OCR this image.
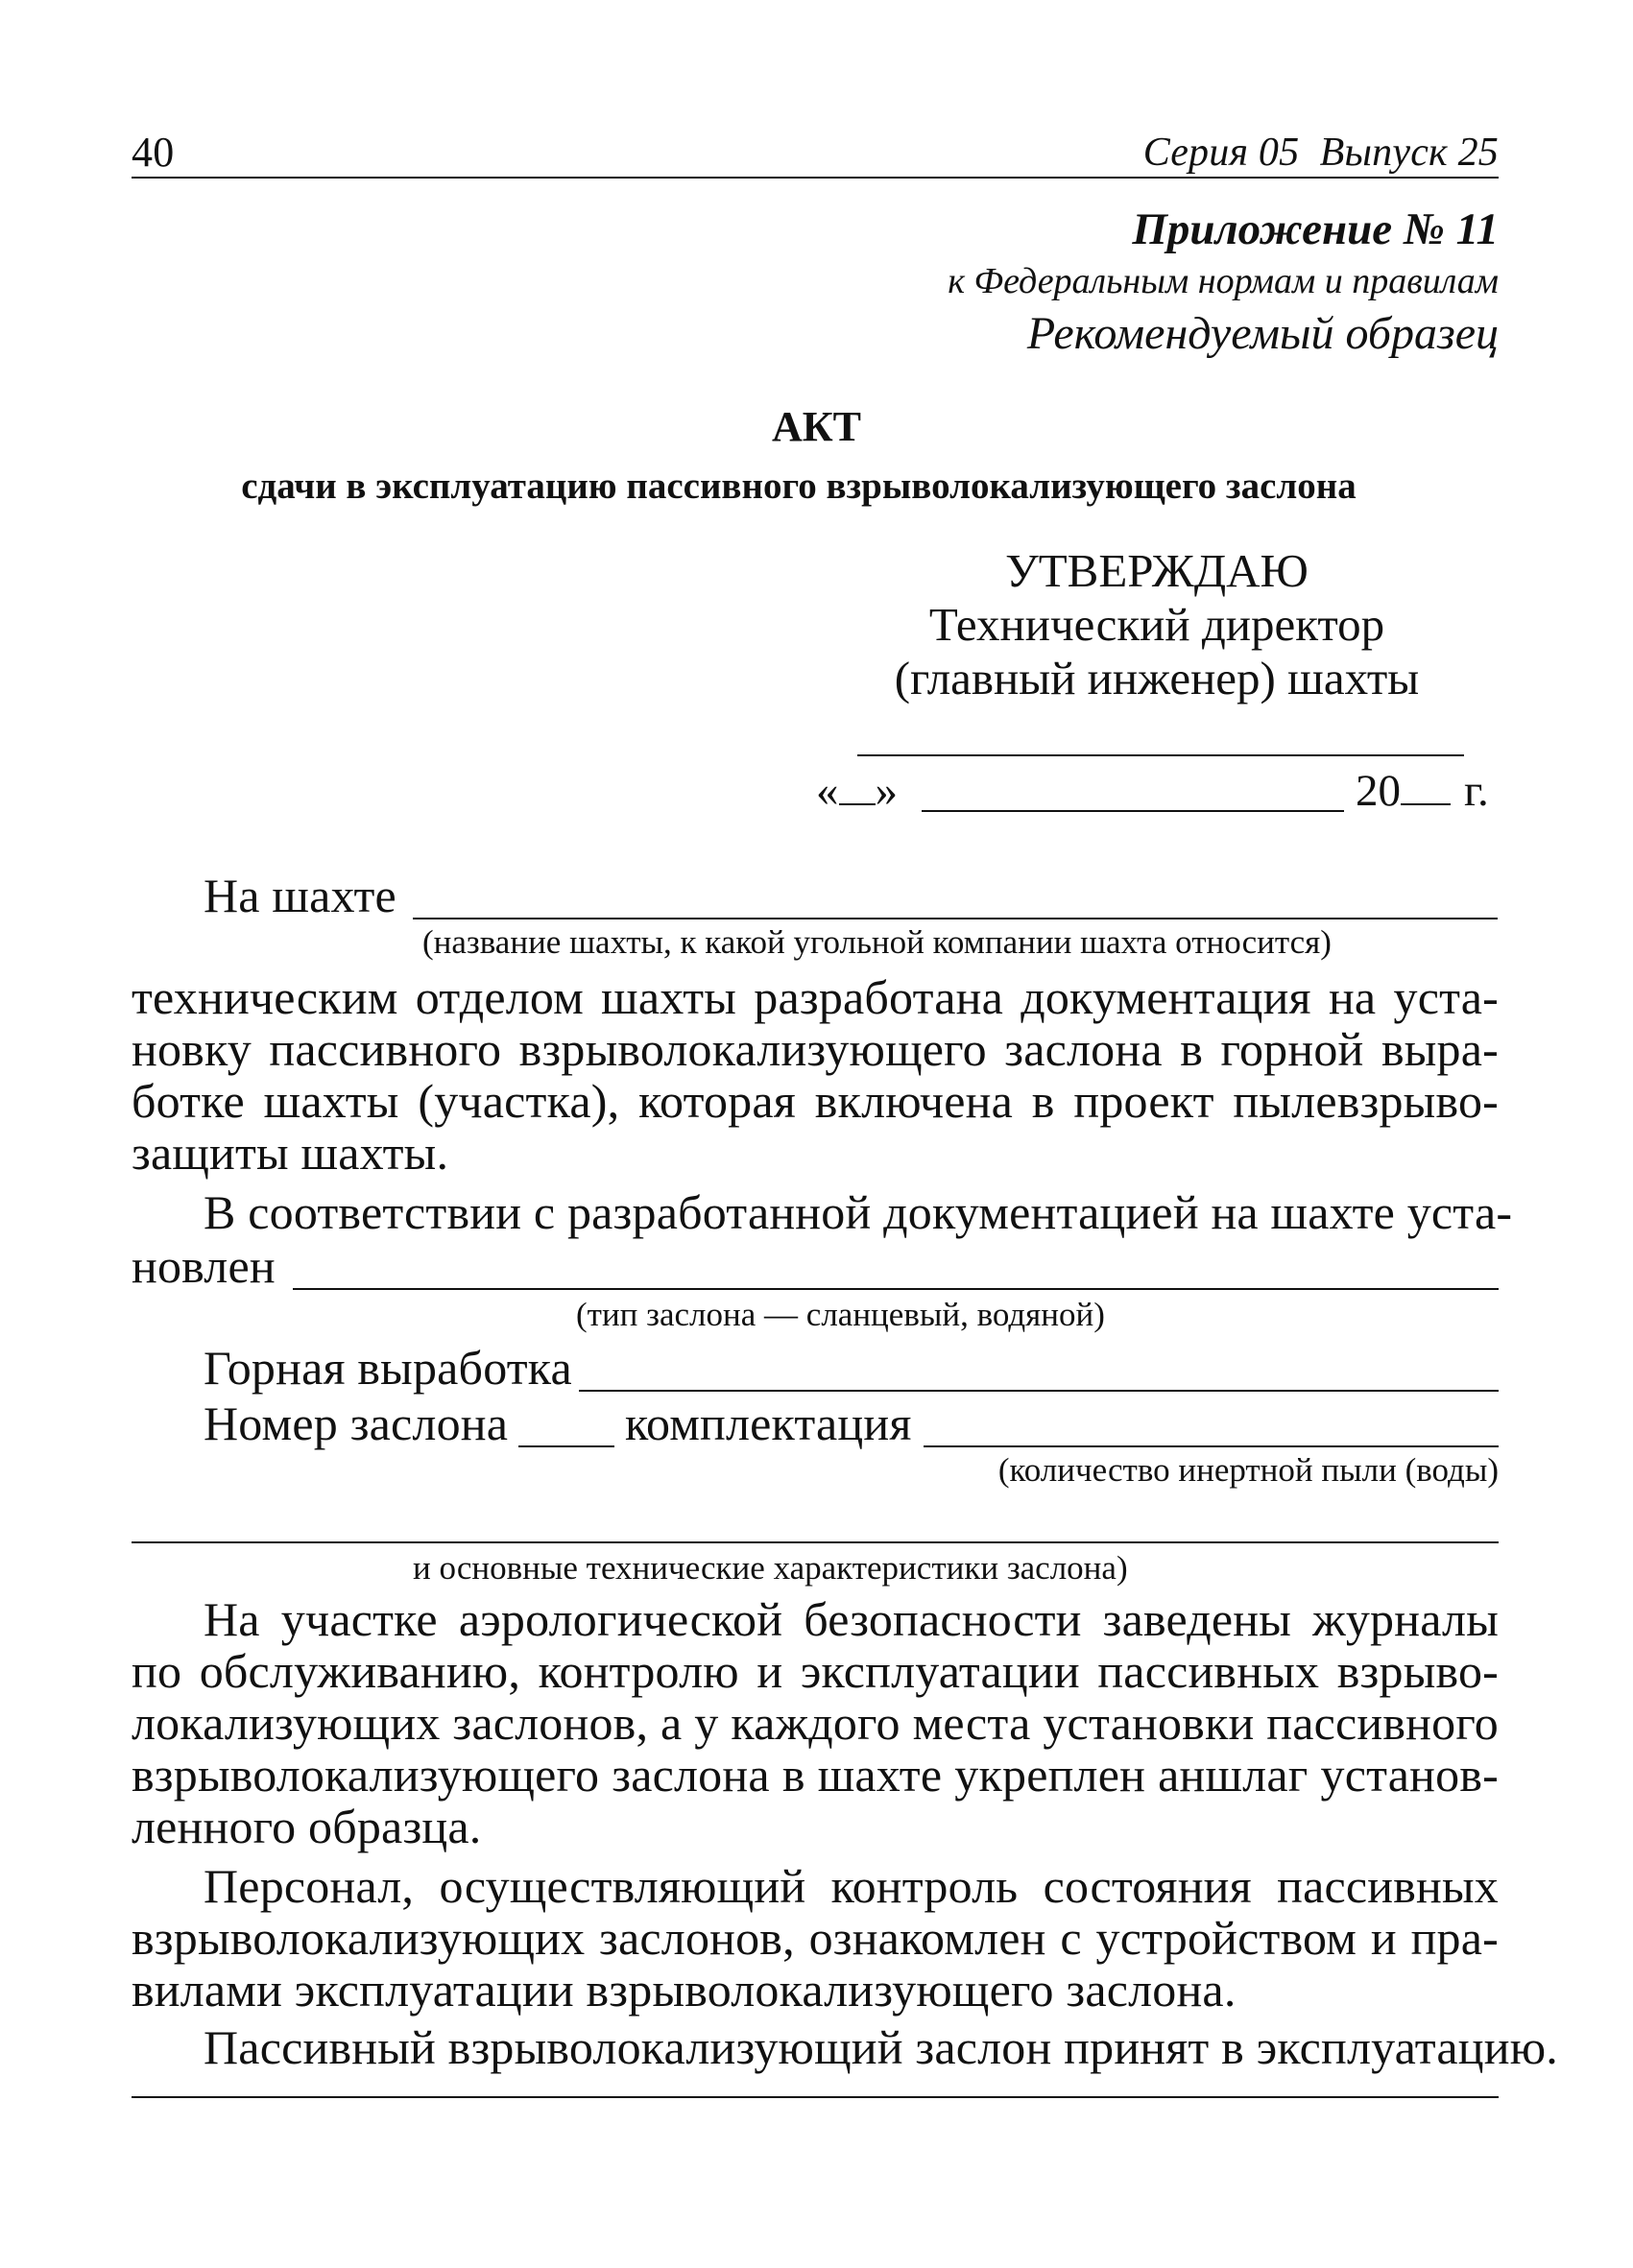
40	Серия 05  Выпуск 25
Приложение № 11
к Федеральным нормам и правилам
Рекомендуемый образец
АКТ
сдачи в эксплуатацию пассивного взрыволокализующего заслона
УТВЕРЖДАЮ
Технический директор
(главный инженер) шахты
« »	20 г.
На шахте
(название шахты, к какой угольной компании шахта относится)
техническим отделом шахты разработана документация на уста-
новку пассивного взрыволокализующего заслона в горной выра-
ботке шахты (участка), которая включена в проект пылевзрыво-
защиты шахты.
В соответствии с разработанной документацией на шахте уста-
новлен
(тип заслона — сланцевый, водяной)
Горная выработка
Номер заслона комплектация
(количество инертной пыли (воды)
и основные технические характеристики заслона)
На участке аэрологической безопасности заведены журналы
по обслуживанию, контролю и эксплуатации пассивных взрыво-
локализующих заслонов, а у каждого места установки пассивного
взрыволокализующего заслона в шахте укреплен аншлаг установ-
ленного образца.
Персонал, осуществляющий контроль состояния пассивных
взрыволокализующих заслонов, ознакомлен с устройством и пра-
вилами эксплуатации взрыволокализующего заслона.
Пассивный взрыволокализующий заслон принят в эксплуатацию.
